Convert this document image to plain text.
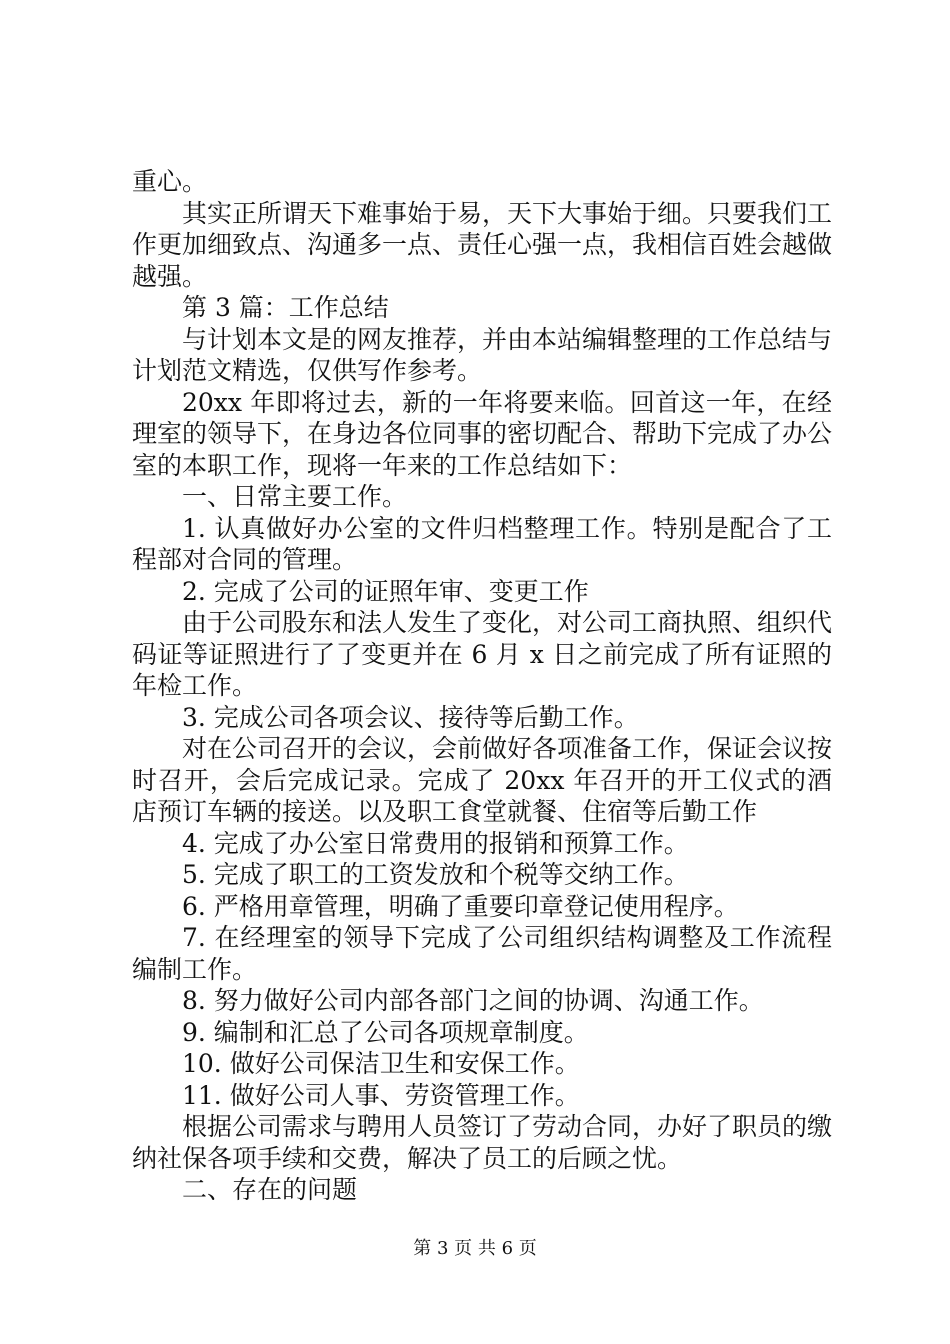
重心。

其实正所谓天下难事始于易，天下大事始于细。只要我们工作更加细致点、沟通多一点、责任心强一点，我相信百姓会越做越强。

第 3 篇：工作总结

与计划本文是的网友推荐，并由本站编辑整理的工作总结与计划范文精选，仅供写作参考。

20xx 年即将过去，新的一年将要来临。回首这一年，在经理室的领导下，在身边各位同事的密切配合、帮助下完成了办公室的本职工作，现将一年来的工作总结如下：

一、日常主要工作。

1. 认真做好办公室的文件归档整理工作。特别是配合了工程部对合同的管理。

2. 完成了公司的证照年审、变更工作

由于公司股东和法人发生了变化，对公司工商执照、组织代码证等证照进行了了变更并在 6 月 x 日之前完成了所有证照的年检工作。

3. 完成公司各项会议、接待等后勤工作。

对在公司召开的会议，会前做好各项准备工作，保证会议按时召开，会后完成记录。完成了 20xx 年召开的开工仪式的酒店预订车辆的接送。以及职工食堂就餐、住宿等后勤工作

4. 完成了办公室日常费用的报销和预算工作。

5. 完成了职工的工资发放和个税等交纳工作。

6. 严格用章管理，明确了重要印章登记使用程序。

7. 在经理室的领导下完成了公司组织结构调整及工作流程编制工作。

8. 努力做好公司内部各部门之间的协调、沟通工作。

9. 编制和汇总了公司各项规章制度。

10. 做好公司保洁卫生和安保工作。

11. 做好公司人事、劳资管理工作。

根据公司需求与聘用人员签订了劳动合同，办好了职员的缴纳社保各项手续和交费，解决了员工的后顾之忧。

二、存在的问题

第 3 页 共 6 页
